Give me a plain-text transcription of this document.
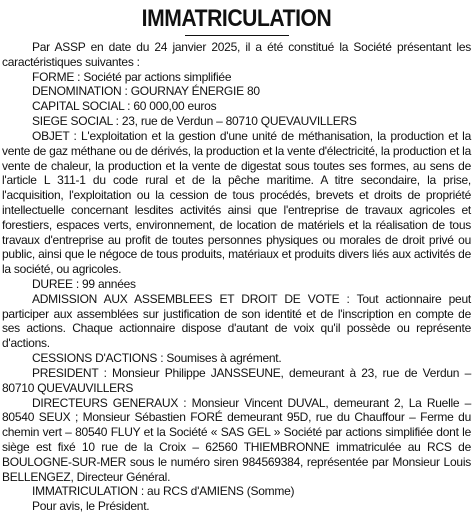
IMMATRICULATION

Par ASSP en date du 24 janvier 2025, il a été constitué la Société présentant les caractéristiques suivantes :

FORME : Société par actions simplifiée

DENOMINATION : GOURNAY ÉNERGIE 80

CAPITAL SOCIAL : 60 000,00 euros

SIEGE SOCIAL : 23, rue de Verdun – 80710 QUEVAUVILLERS

OBJET : L'exploitation et la gestion d'une unité de méthanisation, la production et la vente de gaz méthane ou de dérivés, la production et la vente d'électricité, la production et la vente de chaleur, la production et la vente de digestat sous toutes ses formes, au sens de l'article L 311-1 du code rural et de la pêche maritime. A titre secondaire, la prise, l'acquisition, l'exploitation ou la cession de tous procédés, brevets et droits de propriété intellectuelle concernant lesdites activités ainsi que l'entreprise de travaux agricoles et forestiers, espaces verts, environnement, de location de matériels et la réalisation de tous travaux d'entreprise au profit de toutes personnes physiques ou morales de droit privé ou public, ainsi que le négoce de tous produits, matériaux et produits divers liés aux activités de la société, ou agricoles.

DUREE : 99 années

ADMISSION AUX ASSEMBLEES ET DROIT DE VOTE : Tout actionnaire peut participer aux assemblées sur justification de son identité et de l'inscription en compte de ses actions. Chaque actionnaire dispose d'autant de voix qu'il possède ou représente d'actions.

CESSIONS D'ACTIONS : Soumises à agrément.

PRESIDENT : Monsieur Philippe JANSSEUNE, demeurant à 23, rue de Verdun – 80710 QUEVAUVILLERS

DIRECTEURS GENERAUX : Monsieur Vincent DUVAL, demeurant 2, La Ruelle – 80540 SEUX ; Monsieur Sébastien FORÉ demeurant 95D, rue du Chauffour – Ferme du chemin vert – 80540 FLUY et la Société « SAS GEL » Société par actions simplifiée dont le siège est fixé 10 rue de la Croix – 62560 THIEMBRONNE immatriculée au RCS de BOULOGNE-SUR-MER sous le numéro siren 984569384, représentée par Monsieur Louis BELLENGEZ, Directeur Général.

IMMATRICULATION : au RCS d'AMIENS (Somme)

Pour avis, le Président.
